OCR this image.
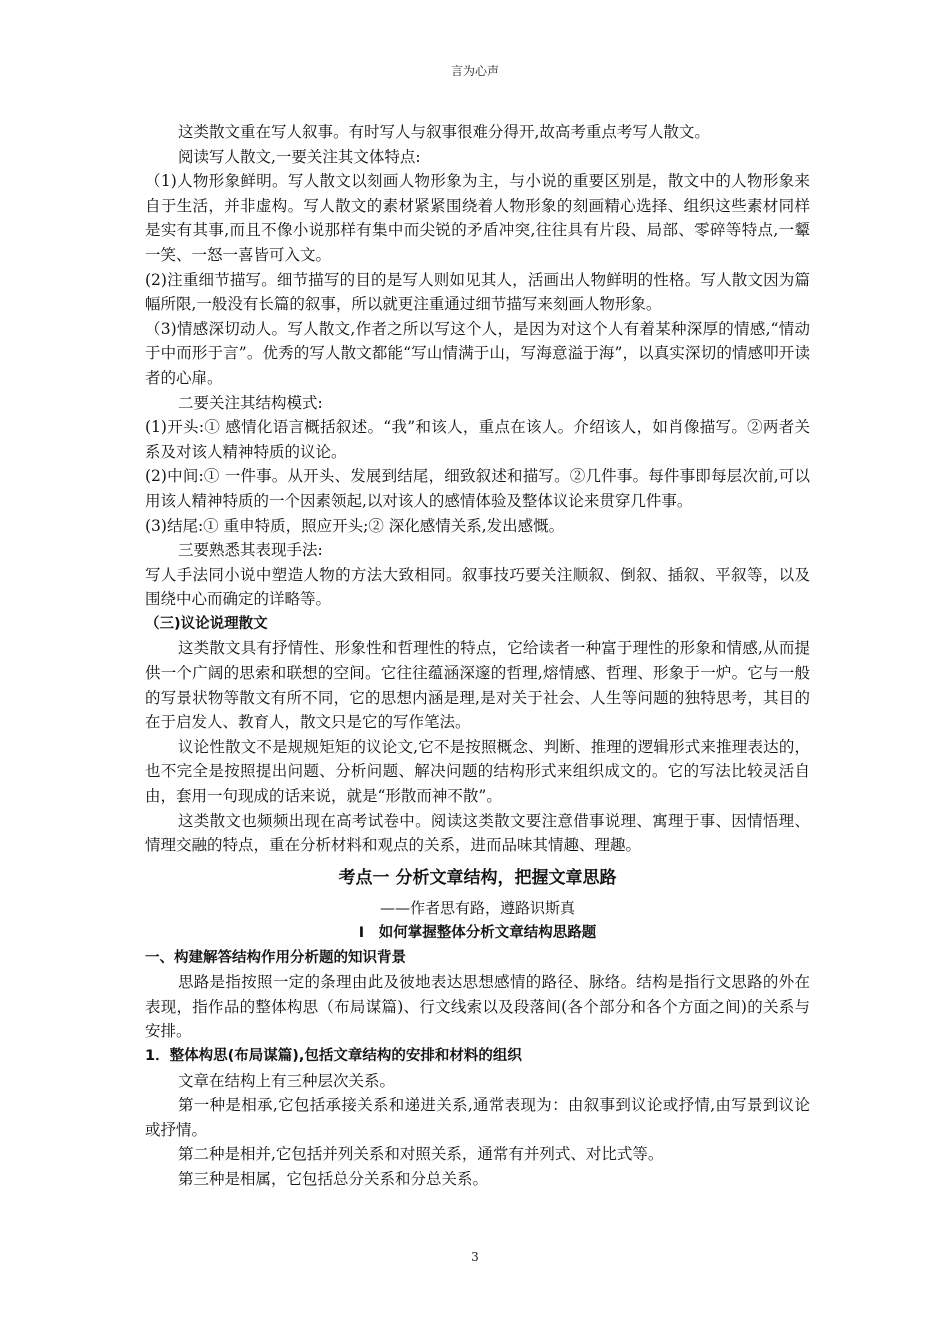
言为心声

这类散文重在写人叙事。有时写人与叙事很难分得开,故高考重点考写人散文。

阅读写人散文,一要关注其文体特点:

（1)人物形象鲜明。写人散文以刻画人物形象为主，与小说的重要区别是，散文中的人物形象来自于生活，并非虚构。写人散文的素材紧紧围绕着人物形象的刻画精心选择、组织这些素材同样是实有其事,而且不像小说那样有集中而尖锐的矛盾冲突,往往具有片段、局部、零碎等特点,一颦一笑、一怒一喜皆可入文。

(2)注重细节描写。细节描写的目的是写人则如见其人，活画出人物鲜明的性格。写人散文因为篇幅所限,一般没有长篇的叙事，所以就更注重通过细节描写来刻画人物形象。

（3)情感深切动人。写人散文,作者之所以写这个人，是因为对这个人有着某种深厚的情感,“情动于中而形于言”。优秀的写人散文都能“写山情满于山，写海意溢于海”，以真实深切的情感叩开读者的心扉。

二要关注其结构模式:

(1)开头:① 感情化语言概括叙述。“我”和该人，重点在该人。介绍该人，如肖像描写。②两者关系及对该人精神特质的议论。

(2)中间:① 一件事。从开头、发展到结尾，细致叙述和描写。②几件事。每件事即每层次前,可以用该人精神特质的一个因素领起,以对该人的感情体验及整体议论来贯穿几件事。

(3)结尾:① 重申特质，照应开头;② 深化感情关系,发出感慨。

三要熟悉其表现手法:

写人手法同小说中塑造人物的方法大致相同。叙事技巧要关注顺叙、倒叙、插叙、平叙等，以及围绕中心而确定的详略等。

（三)议论说理散文

这类散文具有抒情性、形象性和哲理性的特点，它给读者一种富于理性的形象和情感,从而提供一个广阔的思索和联想的空间。它往往蕴涵深邃的哲理,熔情感、哲理、形象于一炉。它与一般的写景状物等散文有所不同，它的思想内涵是理,是对关于社会、人生等问题的独特思考，其目的在于启发人、教育人，散文只是它的写作笔法。

议论性散文不是规规矩矩的议论文,它不是按照概念、判断、推理的逻辑形式来推理表达的，也不完全是按照提出问题、分析问题、解决问题的结构形式来组织成文的。它的写法比较灵活自由，套用一句现成的话来说，就是“形散而神不散”。

这类散文也频频出现在高考试卷中。阅读这类散文要注意借事说理、寓理于事、因情悟理、情理交融的特点，重在分析材料和观点的关系，进而品味其情趣、理趣。

考点一 分析文章结构，把握文章思路

——作者思有路，遵路识斯真

Ⅰ　如何掌握整体分析文章结构思路题

一、构建解答结构作用分析题的知识背景

思路是指按照一定的条理由此及彼地表达思想感情的路径、脉络。结构是指行文思路的外在表现，指作品的整体构思（布局谋篇)、行文线索以及段落间(各个部分和各个方面之间)的关系与安排。

1．整体构思(布局谋篇),包括文章结构的安排和材料的组织

文章在结构上有三种层次关系。

第一种是相承,它包括承接关系和递进关系,通常表现为：由叙事到议论或抒情,由写景到议论或抒情。

第二种是相并,它包括并列关系和对照关系，通常有并列式、对比式等。

第三种是相属，它包括总分关系和分总关系。

3
